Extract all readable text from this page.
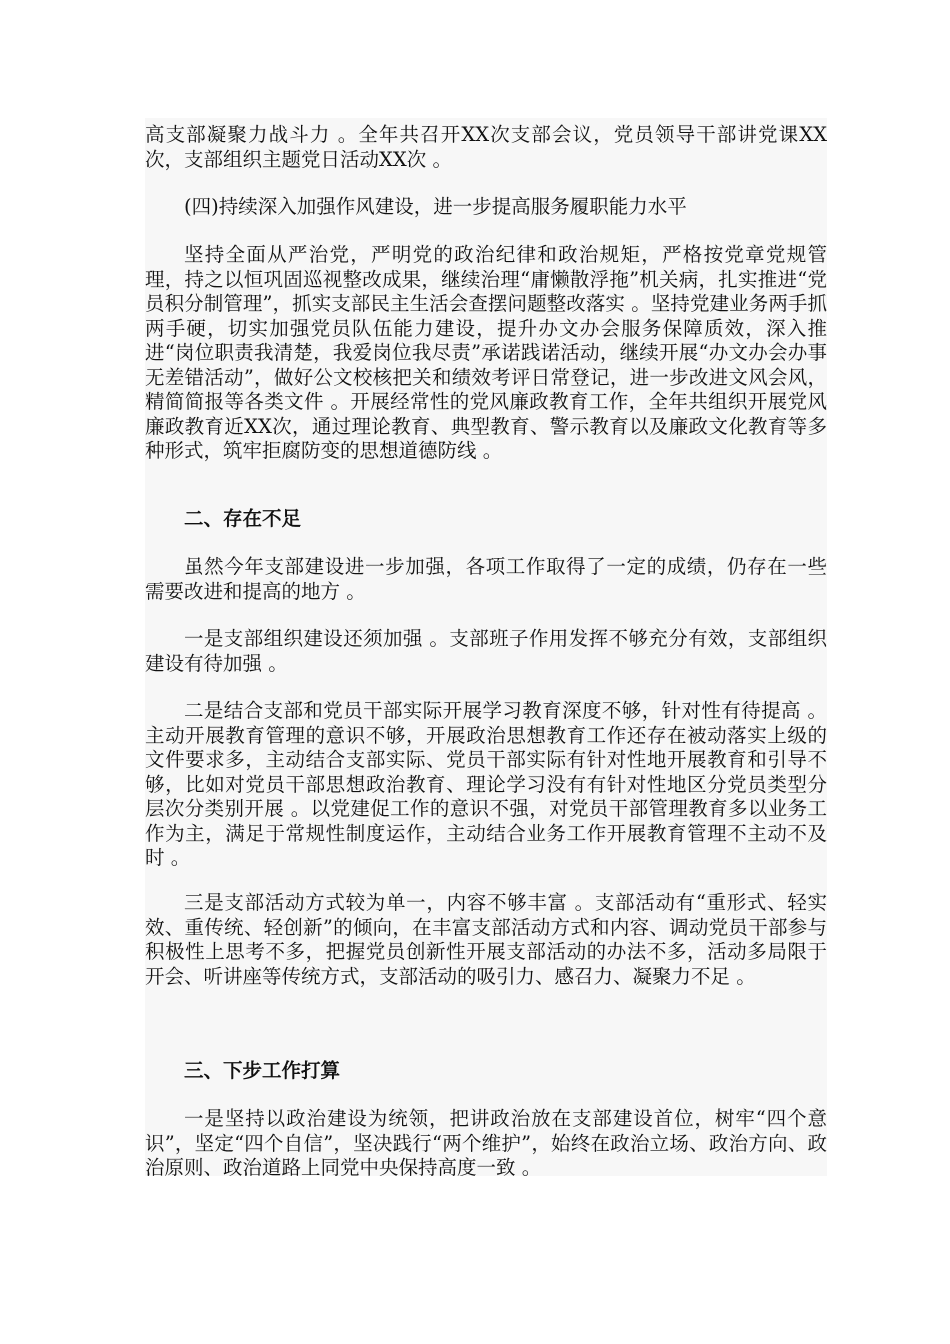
高支部凝聚力战斗力 。全年共召开XX次支部会议，党员领导干部讲党课XX次，支部组织主题党日活动XX次 。

(四)持续深入加强作风建设，进一步提高服务履职能力水平

坚持全面从严治党，严明党的政治纪律和政治规矩，严格按党章党规管理，持之以恒巩固巡视整改成果，继续治理“庸懒散浮拖”机关病，扎实推进“党员积分制管理”，抓实支部民主生活会查摆问题整改落实 。坚持党建业务两手抓两手硬，切实加强党员队伍能力建设，提升办文办会服务保障质效，深入推进“岗位职责我清楚，我爱岗位我尽责”承诺践诺活动，继续开展“办文办会办事无差错活动”，做好公文校核把关和绩效考评日常登记，进一步改进文风会风，精简简报等各类文件 。开展经常性的党风廉政教育工作，全年共组织开展党风廉政教育近XX次，通过理论教育、典型教育、警示教育以及廉政文化教育等多种形式，筑牢拒腐防变的思想道德防线 。

二、存在不足

虽然今年支部建设进一步加强，各项工作取得了一定的成绩，仍存在一些需要改进和提高的地方 。

一是支部组织建设还须加强 。支部班子作用发挥不够充分有效，支部组织建设有待加强 。

二是结合支部和党员干部实际开展学习教育深度不够，针对性有待提高 。主动开展教育管理的意识不够，开展政治思想教育工作还存在被动落实上级的文件要求多，主动结合支部实际、党员干部实际有针对性地开展教育和引导不够，比如对党员干部思想政治教育、理论学习没有有针对性地区分党员类型分层次分类别开展 。以党建促工作的意识不强，对党员干部管理教育多以业务工作为主，满足于常规性制度运作，主动结合业务工作开展教育管理不主动不及时 。

三是支部活动方式较为单一，内容不够丰富 。支部活动有“重形式、轻实效、重传统、轻创新”的倾向，在丰富支部活动方式和内容、调动党员干部参与积极性上思考不多，把握党员创新性开展支部活动的办法不多，活动多局限于开会、听讲座等传统方式，支部活动的吸引力、感召力、凝聚力不足 。

三、下步工作打算

一是坚持以政治建设为统领，把讲政治放在支部建设首位，树牢“四个意识”，坚定“四个自信”，坚决践行“两个维护”，始终在政治立场、政治方向、政治原则、政治道路上同党中央保持高度一致 。
